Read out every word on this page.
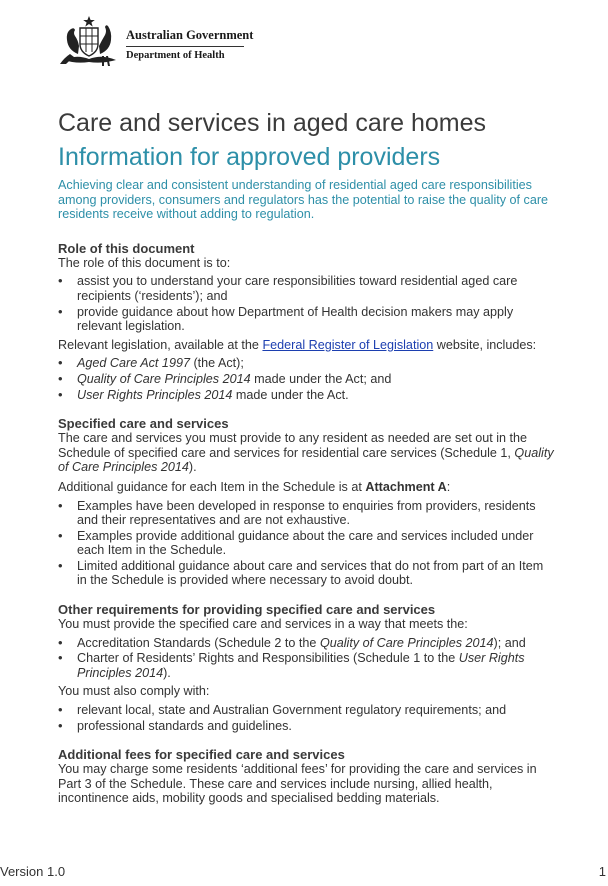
Australian Government
Department of Health
Care and services in aged care homes
Information for approved providers

Achieving clear and consistent understanding of residential aged care responsibilities among providers, consumers and regulators has the potential to raise the quality of care residents receive without adding to regulation.

Role of this document

The role of this document is to:

• assist you to understand your care responsibilities toward residential aged care recipients (‘residents’); and
• provide guidance about how Department of Health decision makers may apply relevant legislation.

Relevant legislation, available at the Federal Register of Legislation website, includes:

• Aged Care Act 1997 (the Act);
• Quality of Care Principles 2014 made under the Act; and
• User Rights Principles 2014 made under the Act.
Specified care and services

The care and services you must provide to any resident as needed are set out in the Schedule of specified care and services for residential care services (Schedule 1, Quality of Care Principles 2014).

Additional guidance for each Item in the Schedule is at Attachment A:

• Examples have been developed in response to enquiries from providers, residents and their representatives and are not exhaustive.
• Examples provide additional guidance about the care and services included under each Item in the Schedule.
• Limited additional guidance about care and services that do not from part of an Item in the Schedule is provided where necessary to avoid doubt.
Other requirements for providing specified care and services

You must provide the specified care and services in a way that meets the:

• Accreditation Standards (Schedule 2 to the Quality of Care Principles 2014); and
• Charter of Residents’ Rights and Responsibilities (Schedule 1 to the User Rights Principles 2014).

You must also comply with:

• relevant local, state and Australian Government regulatory requirements; and
• professional standards and guidelines.
Additional fees for specified care and services

You may charge some residents ‘additional fees’ for providing the care and services in Part 3 of the Schedule. These care and services include nursing, allied health, incontinence aids, mobility goods and specialised bedding materials.

Version 1.0	1
